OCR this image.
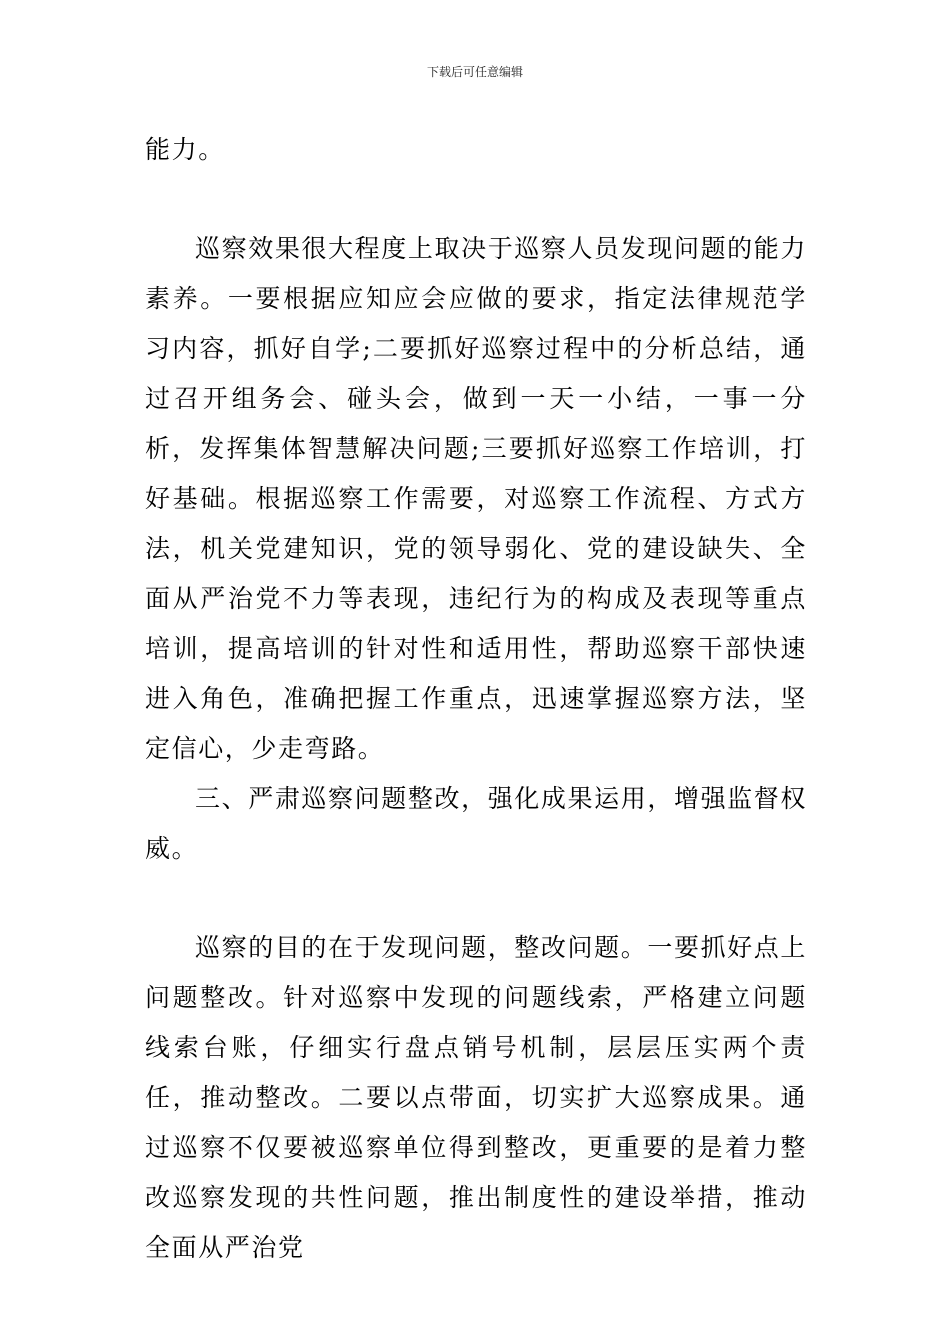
下载后可任意编辑

能力。

巡察效果很大程度上取决于巡察人员发现问题的能力素养。一要根据应知应会应做的要求，指定法律规范学习内容，抓好自学;二要抓好巡察过程中的分析总结，通过召开组务会、碰头会，做到一天一小结，一事一分析，发挥集体智慧解决问题;三要抓好巡察工作培训，打好基础。根据巡察工作需要，对巡察工作流程、方式方法，机关党建知识，党的领导弱化、党的建设缺失、全面从严治党不力等表现，违纪行为的构成及表现等重点培训，提高培训的针对性和适用性，帮助巡察干部快速进入角色，准确把握工作重点，迅速掌握巡察方法，坚定信心，少走弯路。

三、严肃巡察问题整改，强化成果运用，增强监督权威。

巡察的目的在于发现问题，整改问题。一要抓好点上问题整改。针对巡察中发现的问题线索，严格建立问题线索台账，仔细实行盘点销号机制，层层压实两个责任，推动整改。二要以点带面，切实扩大巡察成果。通过巡察不仅要被巡察单位得到整改，更重要的是着力整改巡察发现的共性问题，推出制度性的建设举措，推动全面从严治党
